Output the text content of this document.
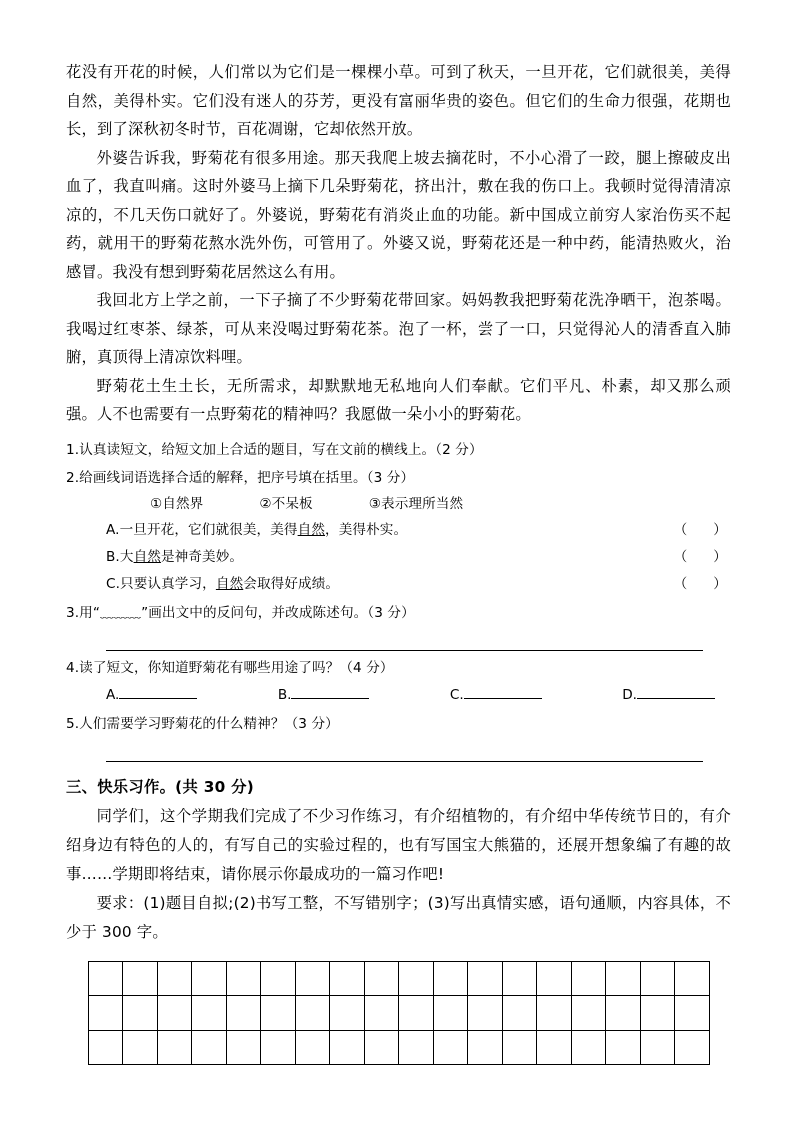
花没有开花的时候，人们常以为它们是一棵棵小草。可到了秋天，一旦开花，它们就很美，美得自然，美得朴实。它们没有迷人的芬芳，更没有富丽华贵的姿色。但它们的生命力很强，花期也长，到了深秋初冬时节，百花凋谢，它却依然开放。

外婆告诉我，野菊花有很多用途。那天我爬上坡去摘花时，不小心滑了一跤，腿上擦破皮出血了，我直叫痛。这时外婆马上摘下几朵野菊花，挤出汁，敷在我的伤口上。我顿时觉得清清凉凉的，不几天伤口就好了。外婆说，野菊花有消炎止血的功能。新中国成立前穷人家治伤买不起药，就用干的野菊花熬水洗外伤，可管用了。外婆又说，野菊花还是一种中药，能清热败火，治感冒。我没有想到野菊花居然这么有用。

我回北方上学之前，一下子摘了不少野菊花带回家。妈妈教我把野菊花洗净晒干，泡茶喝。我喝过红枣茶、绿茶，可从来没喝过野菊花茶。泡了一杯，尝了一口，只觉得沁人的清香直入肺腑，真顶得上清凉饮料哩。

野菊花土生土长，无所需求，却默默地无私地向人们奉献。它们平凡、朴素，却又那么顽强。人不也需要有一点野菊花的精神吗？我愿做一朵小小的野菊花。

1.认真读短文，给短文加上合适的题目，写在文前的横线上。（2 分）

2.给画线词语选择合适的解释，把序号填在括里。（3 分）

①自然界	②不呆板	③表示理所当然

A.一旦开花，它们就很美，美得自然，美得朴实。	（ ）

B.大自然是神奇美妙。	（ ）

C.只要认真学习，自然会取得好成绩。	（ ）

3.用“﹏﹏﹏”画出文中的反问句，并改成陈述句。（3 分）

4.读了短文，你知道野菊花有哪些用途了吗？（4 分）

A.	B.	C.	D.

5.人们需要学习野菊花的什么精神？（3 分）

三、快乐习作。(共 30 分)

同学们，这个学期我们完成了不少习作练习，有介绍植物的，有介绍中华传统节日的，有介绍身边有特色的人的，有写自己的实验过程的，也有写国宝大熊猫的，还展开想象编了有趣的故事……学期即将结束，请你展示你最成功的一篇习作吧!

要求：(1)题目自拟;(2)书写工整，不写错别字；(3)写出真情实感，语句通顺，内容具体，不少于 300 字。
